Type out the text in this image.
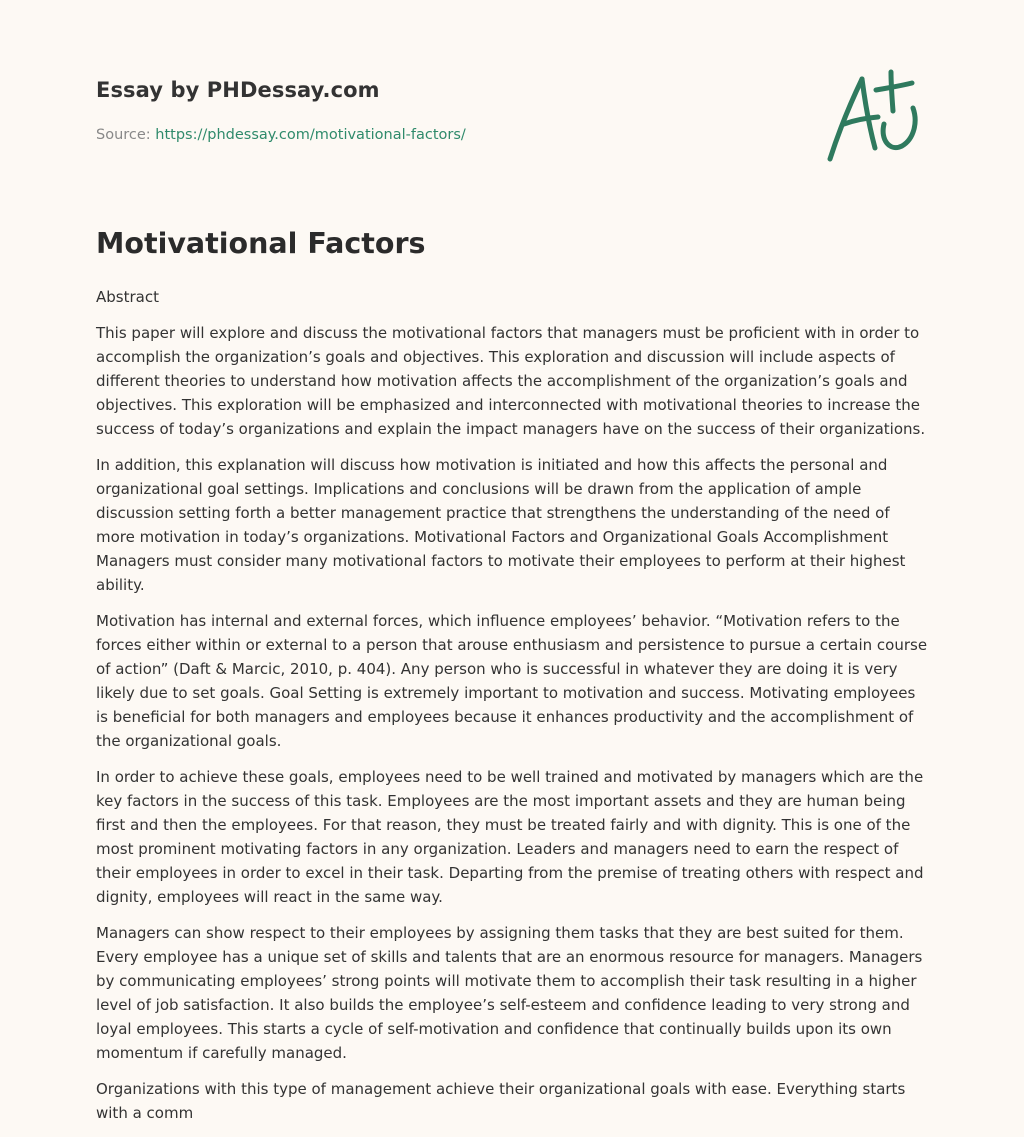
Essay by PHDessay.com
Source: https://phdessay.com/motivational-factors/
Motivational Factors

Abstract

This paper will explore and discuss the motivational factors that managers must be proficient with in order to accomplish the organization’s goals and objectives. This exploration and discussion will include aspects of different theories to understand how motivation affects the accomplishment of the organization’s goals and objectives. This exploration will be emphasized and interconnected with motivational theories to increase the success of today’s organizations and explain the impact managers have on the success of their organizations.

In addition, this explanation will discuss how motivation is initiated and how this affects the personal and organizational goal settings. Implications and conclusions will be drawn from the application of ample discussion setting forth a better management practice that strengthens the understanding of the need of more motivation in today’s organizations. Motivational Factors and Organizational Goals Accomplishment Managers must consider many motivational factors to motivate their employees to perform at their highest ability.

Motivation has internal and external forces, which influence employees’ behavior. “Motivation refers to the forces either within or external to a person that arouse enthusiasm and persistence to pursue a certain course of action” (Daft & Marcic, 2010, p. 404). Any person who is successful in whatever they are doing it is very likely due to set goals. Goal Setting is extremely important to motivation and success. Motivating employees is beneficial for both managers and employees because it enhances productivity and the accomplishment of the organizational goals.

In order to achieve these goals, employees need to be well trained and motivated by managers which are the key factors in the success of this task. Employees are the most important assets and they are human being first and then the employees. For that reason, they must be treated fairly and with dignity. This is one of the most prominent motivating factors in any organization. Leaders and managers need to earn the respect of their employees in order to excel in their task. Departing from the premise of treating others with respect and dignity, employees will react in the same way.

Managers can show respect to their employees by assigning them tasks that they are best suited for them. Every employee has a unique set of skills and talents that are an enormous resource for managers. Managers by communicating employees’ strong points will motivate them to accomplish their task resulting in a higher level of job satisfaction. It also builds the employee’s self-esteem and confidence leading to very strong and loyal employees. This starts a cycle of self-motivation and confidence that continually builds upon its own momentum if carefully managed.

Organizations with this type of management achieve their organizational goals with ease. Everything starts with a comm
